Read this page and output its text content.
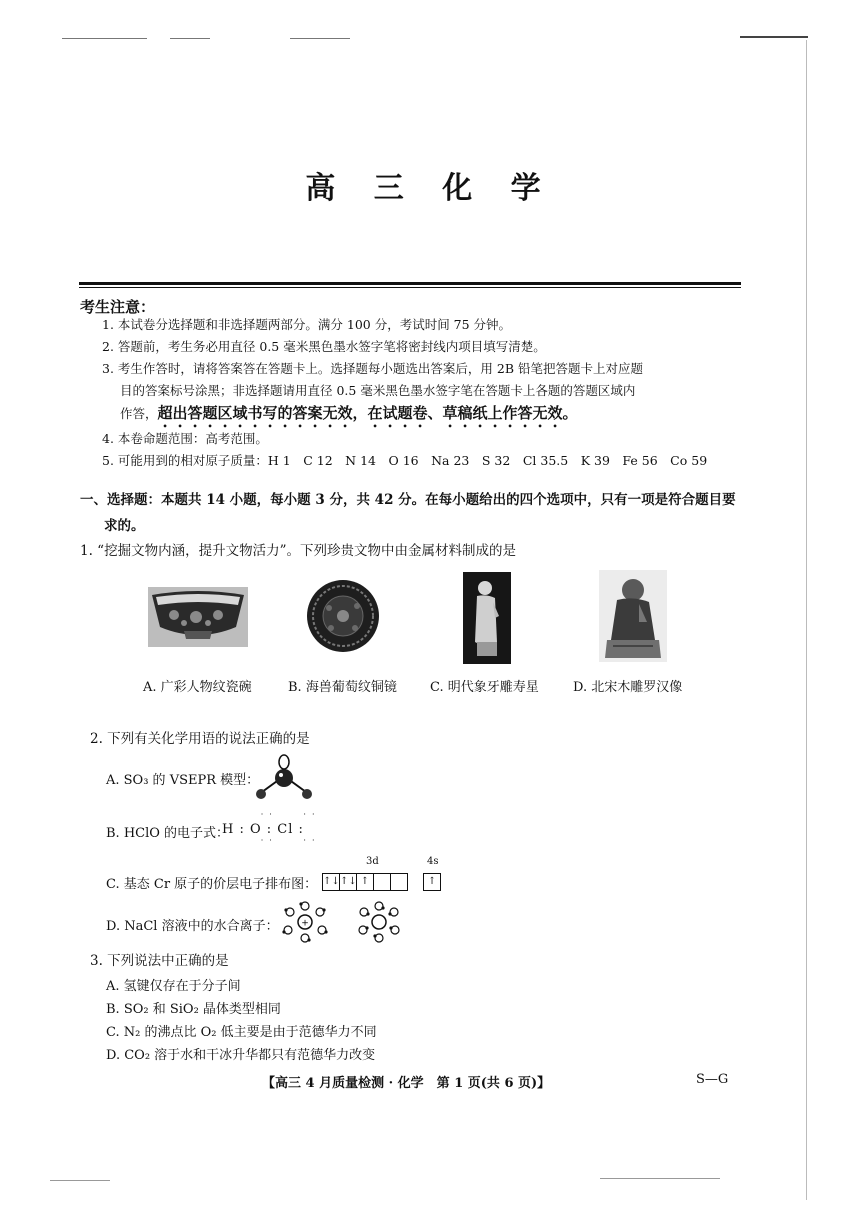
高 三 化 学
考生注意：
1. 本试卷分选择题和非选择题两部分。满分 100 分，考试时间 75 分钟。
2. 答题前，考生务必用直径 0.5 毫米黑色墨水签字笔将密封线内项目填写清楚。
3. 考生作答时，请将答案答在答题卡上。选择题每小题选出答案后，用 2B 铅笔把答题卡上对应题
目的答案标号涂黑；非选择题请用直径 0.5 毫米黑色墨水签字笔在答题卡上各题的答题区域内
作答，超出答题区域书写的答案无效，在试题卷、草稿纸上作答无效。
4. 本卷命题范围：高考范围。
5. 可能用到的相对原子质量：H 1　C 12　N 14　O 16　Na 23　S 32　Cl 35.5　K 39　Fe 56　Co 59
一、选择题：本题共 14 小题，每小题 3 分，共 42 分。在每小题给出的四个选项中，只有一项是符合题目要
求的。
1. “挖掘文物内涵，提升文物活力”。下列珍贵文物中由金属材料制成的是
A. 广彩人物纹瓷碗	B. 海兽葡萄纹铜镜	C. 明代象牙雕寿星	D. 北宋木雕罗汉像
2. 下列有关化学用语的说法正确的是
A. SO₃ 的 VSEPR 模型：
B. HClO 的电子式：
··   ··
H : O : Cl :
··   ··
C. 基态 Cr 原子的价层电子排布图：
3d	4s
↑↓↑↓ ↑	↑
D. NaCl 溶液中的水合离子：	+
3. 下列说法中正确的是
A. 氢键仅存在于分子间
B. SO₂ 和 SiO₂ 晶体类型相同
C. N₂ 的沸点比 O₂ 低主要是由于范德华力不同
D. CO₂ 溶于水和干冰升华都只有范德华力改变
【高三 4 月质量检测 · 化学　第 1 页(共 6 页)】	S—G
